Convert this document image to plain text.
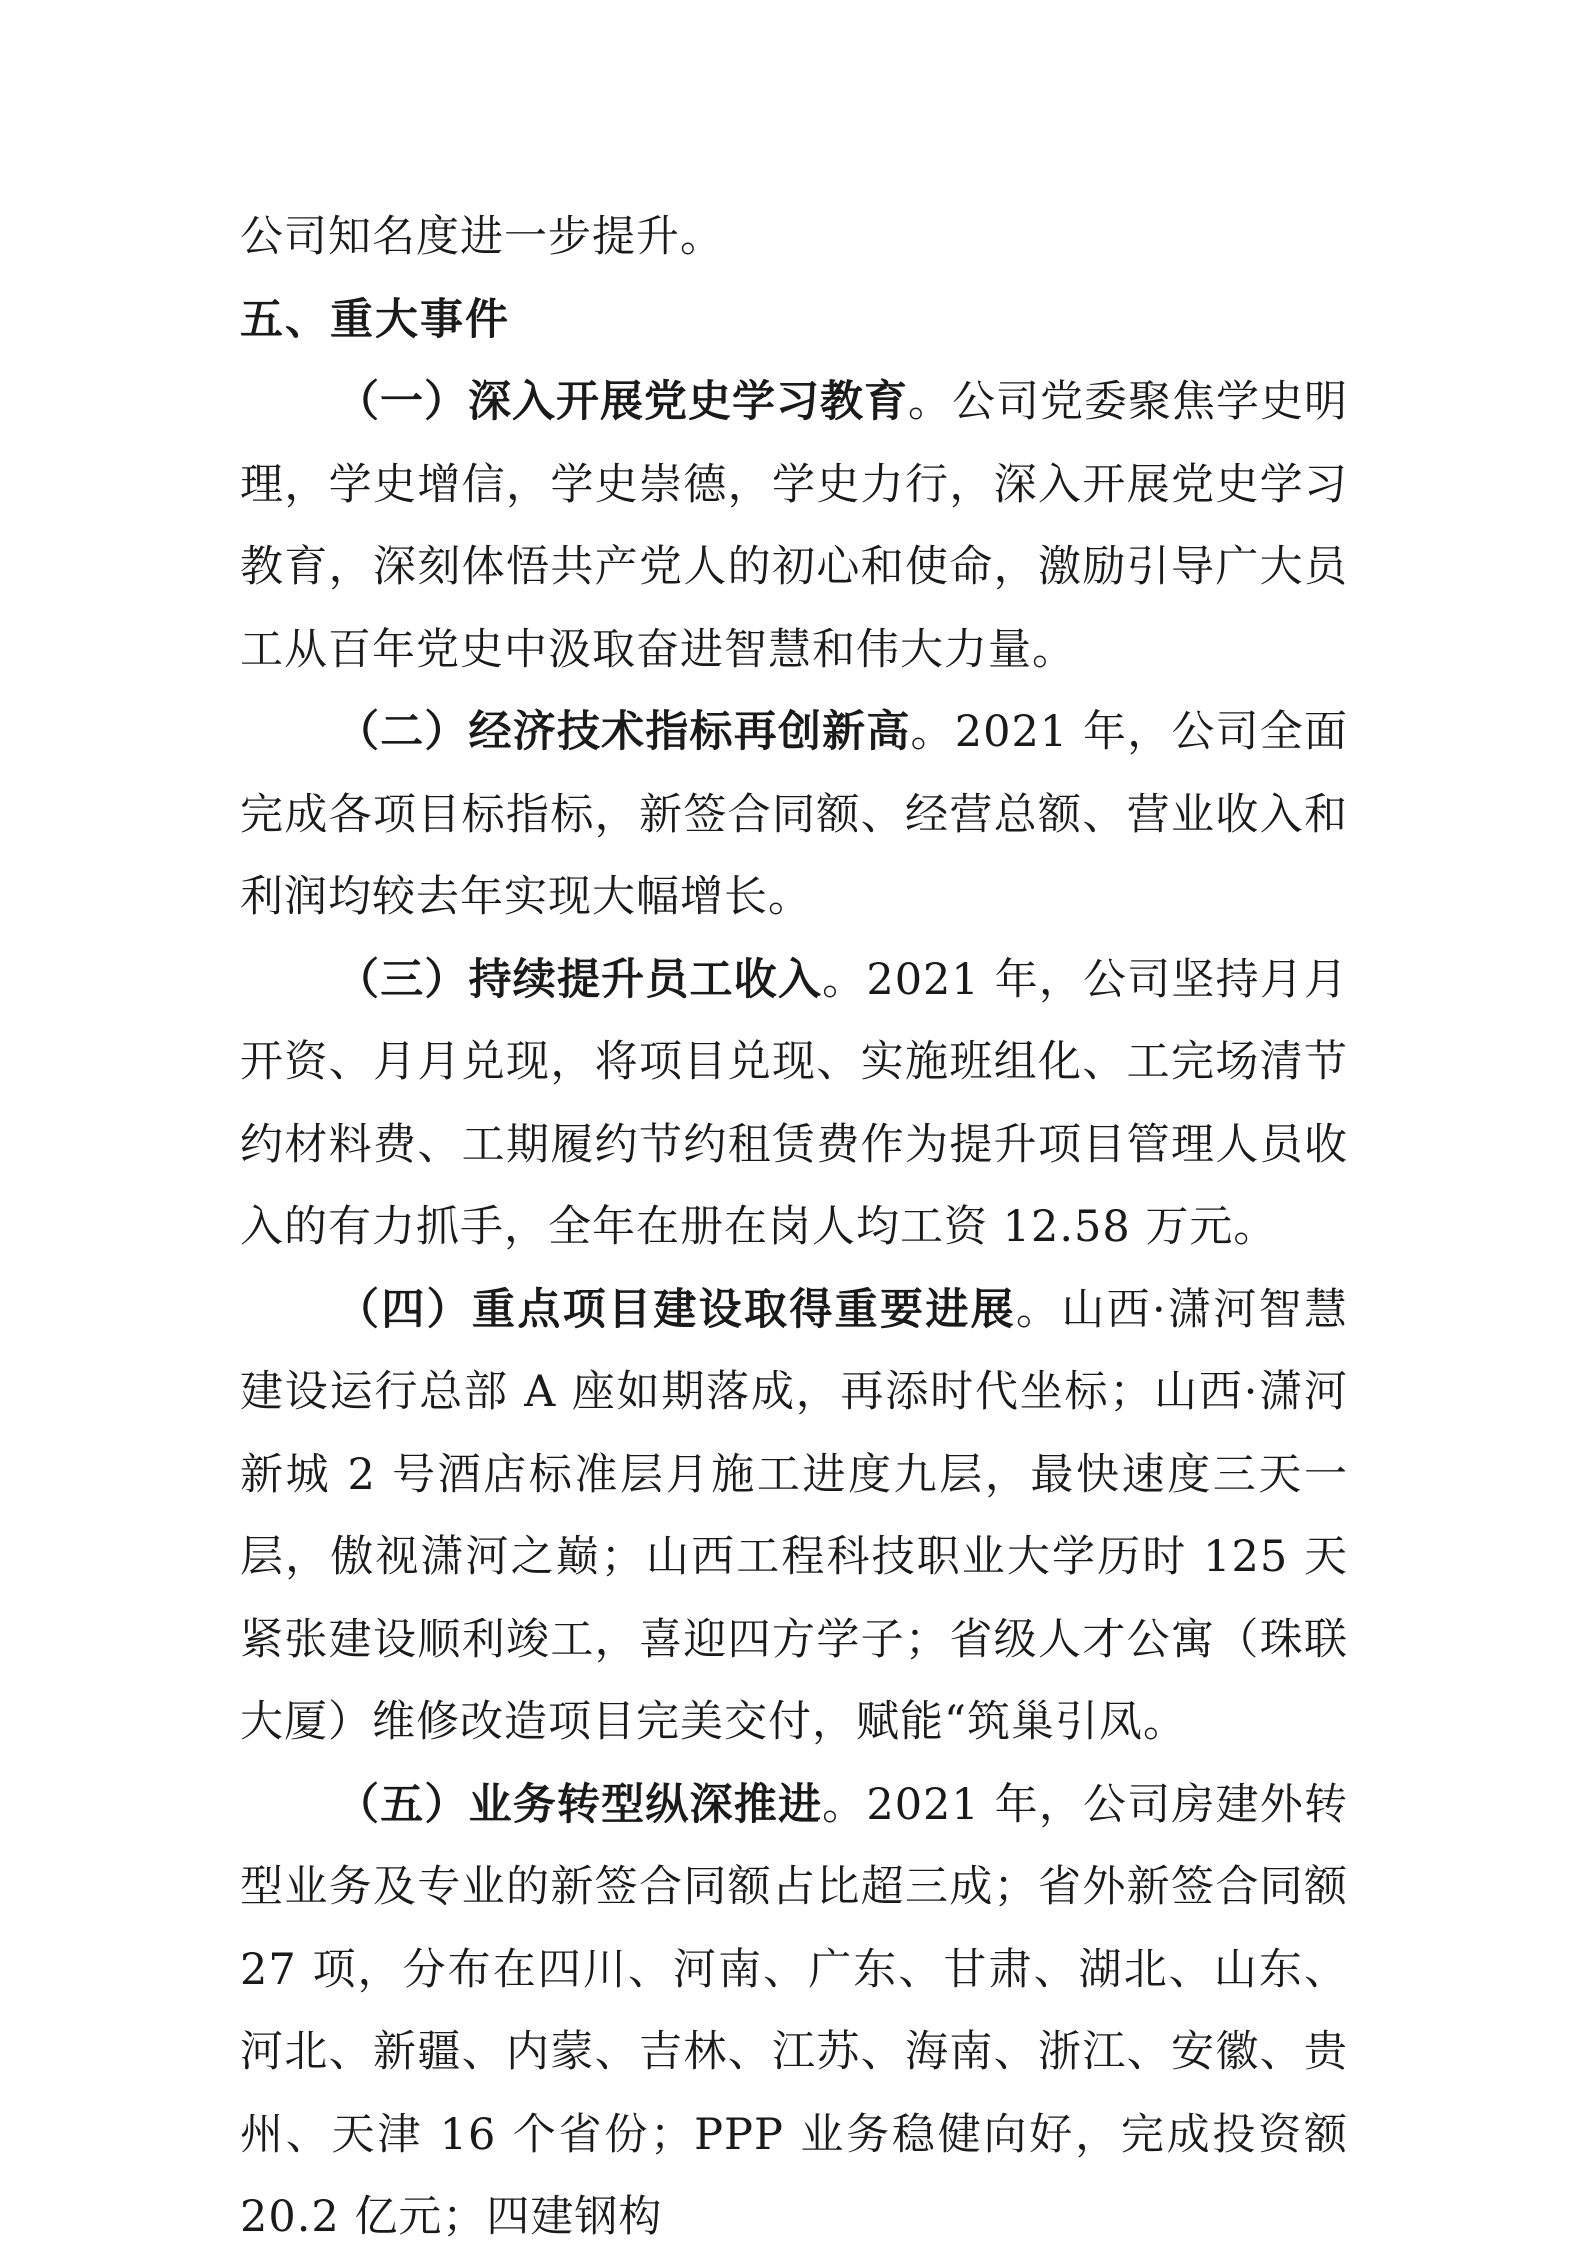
公司知名度进一步提升。

五、重大事件

（一）深入开展党史学习教育。公司党委聚焦学史明理，学史增信，学史崇德，学史力行，深入开展党史学习教育，深刻体悟共产党人的初心和使命，激励引导广大员工从百年党史中汲取奋进智慧和伟大力量。

（二）经济技术指标再创新高。2021 年，公司全面完成各项目标指标，新签合同额、经营总额、营业收入和利润均较去年实现大幅增长。

（三）持续提升员工收入。2021 年，公司坚持月月开资、月月兑现，将项目兑现、实施班组化、工完场清节约材料费、工期履约节约租赁费作为提升项目管理人员收入的有力抓手，全年在册在岗人均工资 12.58 万元。

（四）重点项目建设取得重要进展。山西·潇河智慧建设运行总部 A 座如期落成，再添时代坐标；山西·潇河新城 2 号酒店标准层月施工进度九层，最快速度三天一层，傲视潇河之巅；山西工程科技职业大学历时 125 天紧张建设顺利竣工，喜迎四方学子；省级人才公寓（珠联大厦）维修改造项目完美交付，赋能“筑巢引凤。

（五）业务转型纵深推进。2021 年，公司房建外转型业务及专业的新签合同额占比超三成；省外新签合同额 27 项，分布在四川、河南、广东、甘肃、湖北、山东、河北、新疆、内蒙、吉林、江苏、海南、浙江、安徽、贵州、天津 16 个省份；PPP 业务稳健向好，完成投资额 20.2 亿元；四建钢构
